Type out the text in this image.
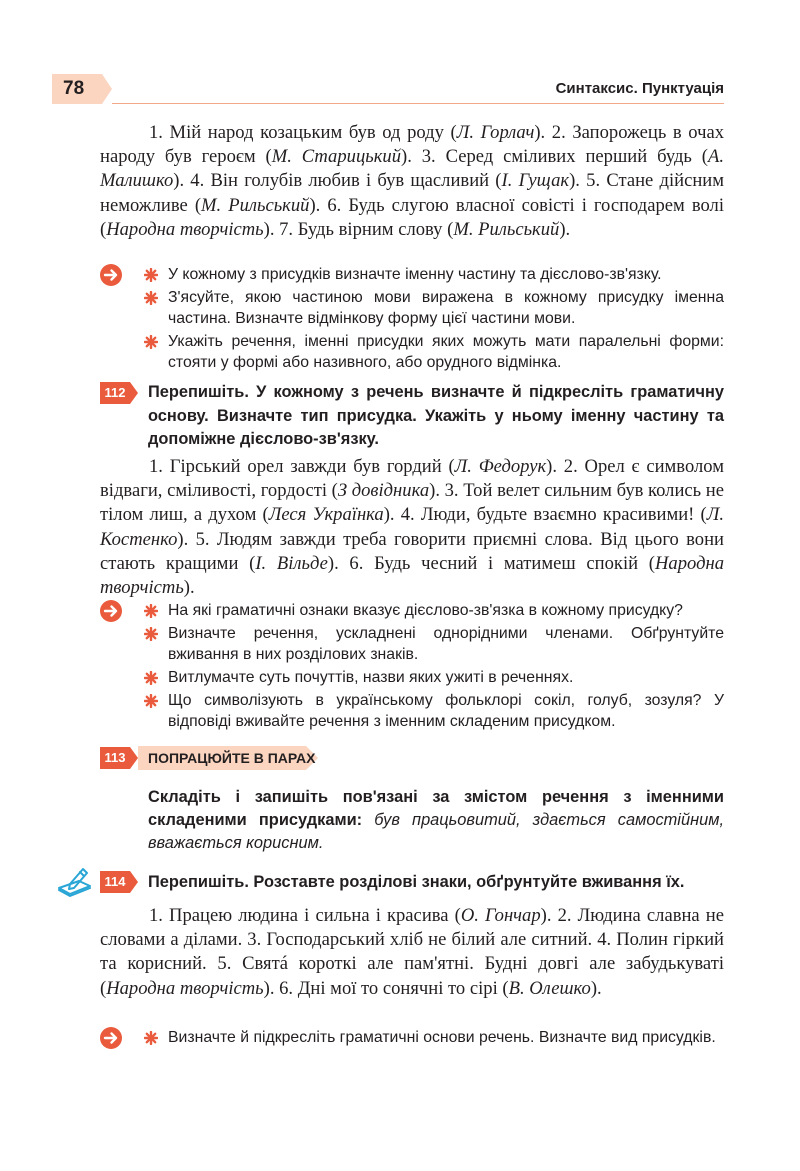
78	Синтаксис. Пунктуація
1. Мій народ козацьким був од роду (Л. Горлач). 2. Запорожець в очах народу був героєм (М. Старицький). 3. Серед сміливих перший будь (А. Малишко). 4. Він голубів любив і був щасливий (І. Гущак). 5. Стане дійсним неможливе (М. Рильський). 6. Будь слугою власної совісті і господарем волі (Народна творчість). 7. Будь вірним слову (М. Рильський).
У кожному з присудків визначте іменну частину та дієслово-зв'язку.
З'ясуйте, якою частиною мови виражена в кожному присудку іменна частина. Визначте відмінкову форму цієї частини мови.
Укажіть речення, іменні присудки яких можуть мати паралельні форми: стояти у формі або називного, або орудного відмінка.
112 Перепишіть. У кожному з речень визначте й підкресліть граматичну основу. Визначте тип присудка. Укажіть у ньому іменну частину та допоміжне дієслово-зв'язку.
1. Гірський орел завжди був гордий (Л. Федорук). 2. Орел є символом відваги, сміливості, гордості (З довідника). 3. Той велет сильним був колись не тілом лиш, а духом (Леся Українка). 4. Люди, будьте взаємно красивими! (Л. Костенко). 5. Людям завжди треба говорити приємні слова. Від цього вони стають кращими (І. Вільде). 6. Будь чесний і матимеш спокій (Народна творчість).
На які граматичні ознаки вказує дієслово-зв'язка в кожному присудку?
Визначте речення, ускладнені однорідними членами. Обґрунтуйте вживання в них розділових знаків.
Витлумачте суть почуттів, назви яких ужиті в реченнях.
Що символізують в українському фольклорі сокіл, голуб, зозуля? У відповіді вживайте речення з іменним складеним присудком.
113	ПОПРАЦЮЙТЕ В ПАРАХ
Складіть і запишіть пов'язані за змістом речення з іменними складеними присудками: був працьовитий, здається самостійним, вважається корисним.
114 Перепишіть. Розставте розділові знаки, обґрунтуйте вживання їх.
1. Працею людина і сильна і красива (О. Гончар). 2. Людина славна не словами а ділами. 3. Господарський хліб не білий але ситний. 4. Полин гіркий та корисний. 5. Святá короткі але пам'ятні. Будні довгі але забудькуваті (Народна творчість). 6. Дні мої то сонячні то сірі (В. Олешко).
Визначте й підкресліть граматичні основи речень. Визначте вид присудків.
